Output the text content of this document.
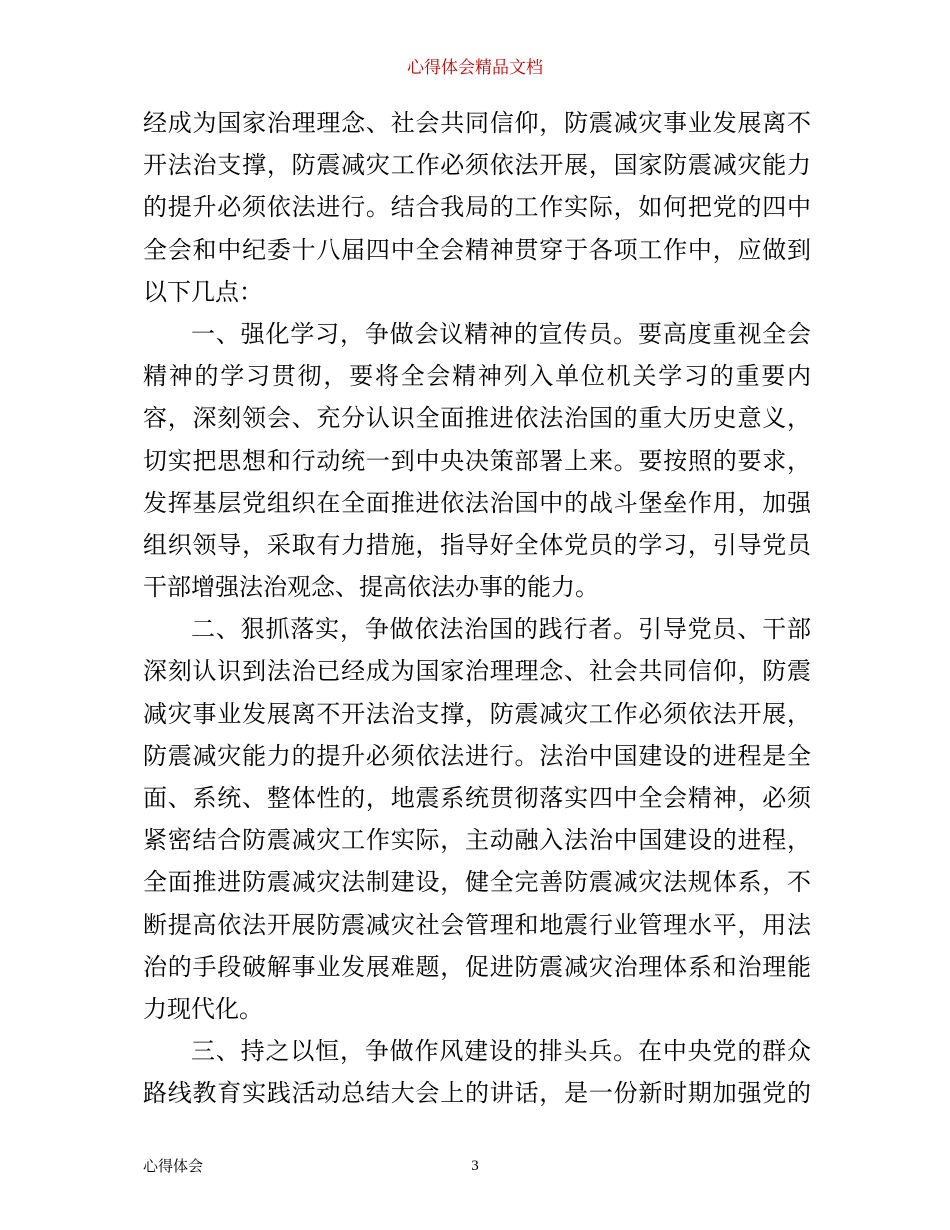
心得体会精品文档
经成为国家治理理念、社会共同信仰，防震减灾事业发展离不
开法治支撑，防震减灾工作必须依法开展，国家防震减灾能力
的提升必须依法进行。结合我局的工作实际，如何把党的四中
全会和中纪委十八届四中全会精神贯穿于各项工作中，应做到
以下几点：
一、强化学习，争做会议精神的宣传员。要高度重视全会
精神的学习贯彻，要将全会精神列入单位机关学习的重要内
容，深刻领会、充分认识全面推进依法治国的重大历史意义，
切实把思想和行动统一到中央决策部署上来。要按照的要求，
发挥基层党组织在全面推进依法治国中的战斗堡垒作用，加强
组织领导，采取有力措施，指导好全体党员的学习，引导党员
干部增强法治观念、提高依法办事的能力。
二、狠抓落实，争做依法治国的践行者。引导党员、干部
深刻认识到法治已经成为国家治理理念、社会共同信仰，防震
减灾事业发展离不开法治支撑，防震减灾工作必须依法开展，
防震减灾能力的提升必须依法进行。法治中国建设的进程是全
面、系统、整体性的，地震系统贯彻落实四中全会精神，必须
紧密结合防震减灾工作实际，主动融入法治中国建设的进程，
全面推进防震减灾法制建设，健全完善防震减灾法规体系，不
断提高依法开展防震减灾社会管理和地震行业管理水平，用法
治的手段破解事业发展难题，促进防震减灾治理体系和治理能
力现代化。
三、持之以恒，争做作风建设的排头兵。在中央党的群众
路线教育实践活动总结大会上的讲话，是一份新时期加强党的
心得体会	3
